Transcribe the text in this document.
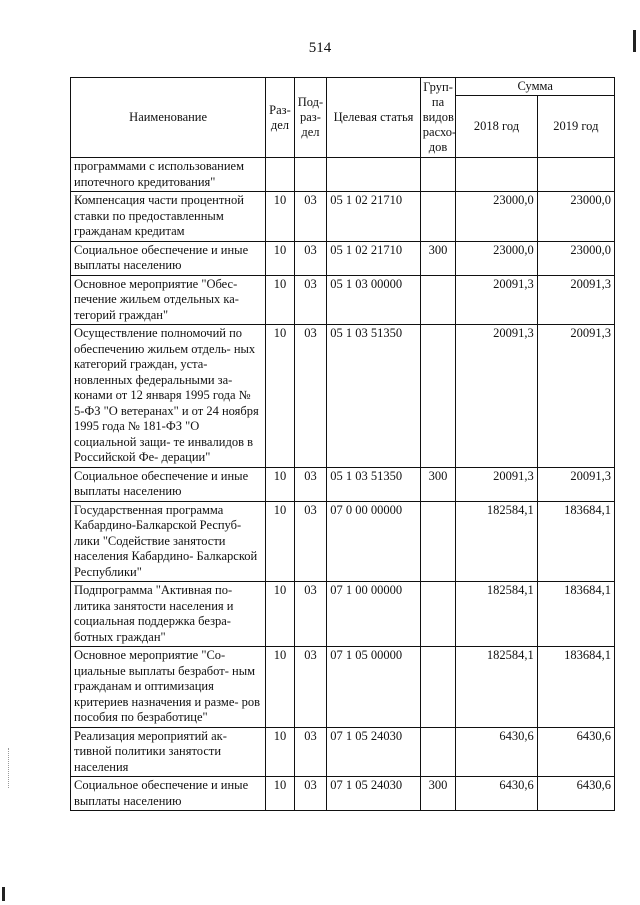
514
Наименование	Раз- дел	Под- раз- дел	Целевая статья	Груп- па видов расхо- дов	Сумма	
					2018 год	2019 год
программами с использованием ипотечного кредитования"						
Компенсация части процентной ставки по предоставленным гражданам кредитам	10	03	05 1 02 21710		23000,0	23000,0
Социальное обеспечение и иные выплаты населению	10	03	05 1 02 21710	300	23000,0	23000,0
Основное мероприятие "Обес- печение жильем отдельных ка- тегорий граждан"	10	03	05 1 03 00000		20091,3	20091,3
Осуществление полномочий по обеспечению жильем отдель- ных категорий граждан, уста- новленных федеральными за- конами от 12 января 1995 года № 5-ФЗ "О ветеранах" и от 24 ноября 1995 года № 181-ФЗ "О социальной защи- те инвалидов в Российской Фе- дерации"	10	03	05 1 03 51350		20091,3	20091,3
Социальное обеспечение и иные выплаты населению	10	03	05 1 03 51350	300	20091,3	20091,3
Государственная программа Кабардино-Балкарской Респуб- лики "Содействие занятости населения Кабардино- Балкарской Республики"	10	03	07 0 00 00000		182584,1	183684,1
Подпрограмма "Активная по- литика занятости населения и социальная поддержка безра- ботных граждан"	10	03	07 1 00 00000		182584,1	183684,1
Основное мероприятие "Со- циальные выплаты безработ- ным гражданам и оптимизация критериев назначения и разме- ров пособия по безработице"	10	03	07 1 05 00000		182584,1	183684,1
Реализация мероприятий ак- тивной политики занятости населения	10	03	07 1 05 24030		6430,6	6430,6
Социальное обеспечение и иные выплаты населению	10	03	07 1 05 24030	300	6430,6	6430,6
